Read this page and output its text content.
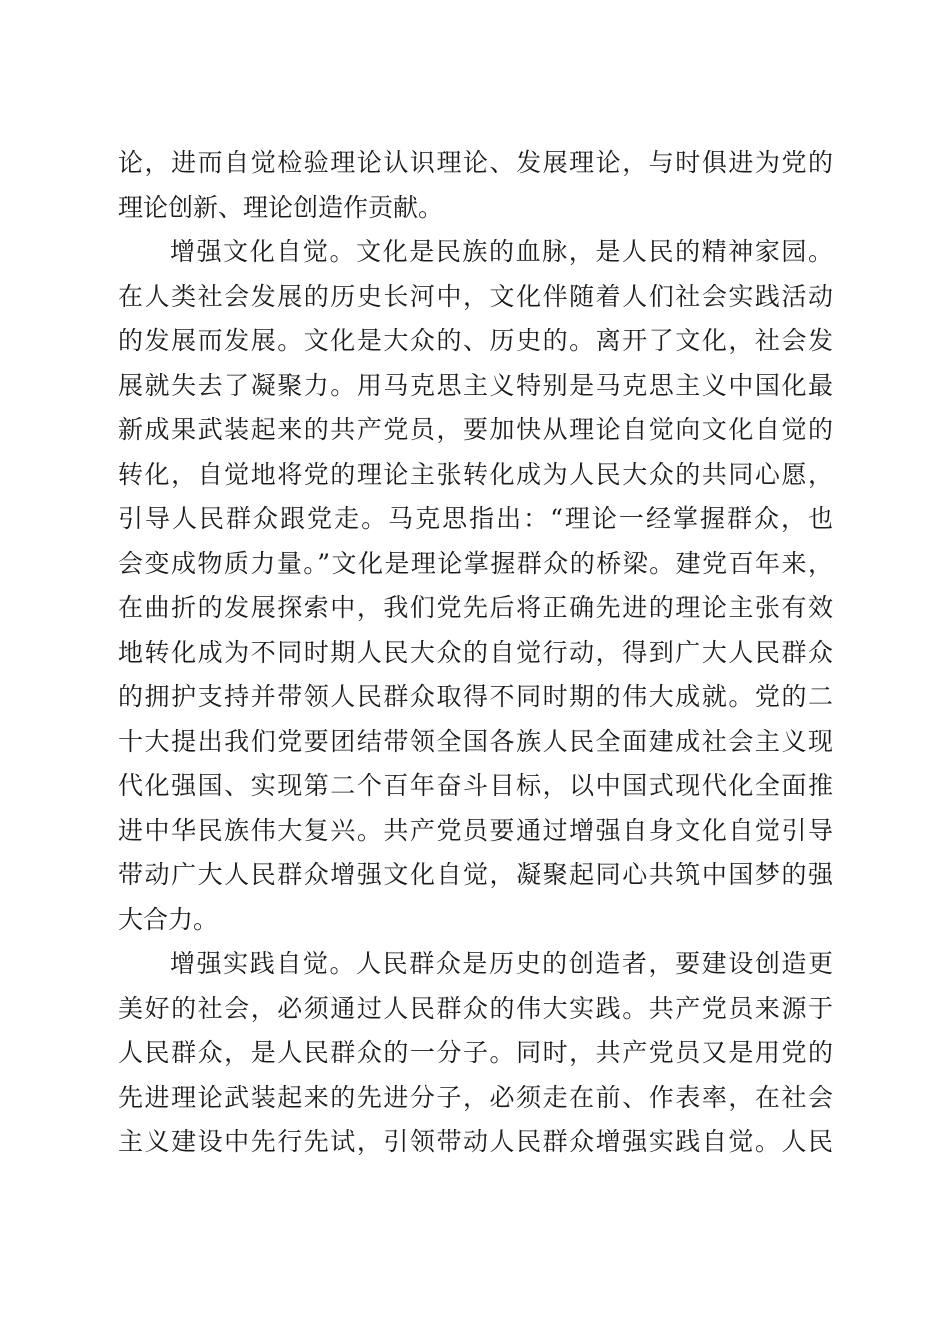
论，进而自觉检验理论认识理论、发展理论，与时俱进为党的
理论创新、理论创造作贡献。
增强文化自觉。文化是民族的血脉，是人民的精神家园。
在人类社会发展的历史长河中，文化伴随着人们社会实践活动
的发展而发展。文化是大众的、历史的。离开了文化，社会发
展就失去了凝聚力。用马克思主义特别是马克思主义中国化最
新成果武装起来的共产党员，要加快从理论自觉向文化自觉的
转化，自觉地将党的理论主张转化成为人民大众的共同心愿，
引导人民群众跟党走。马克思指出：“理论一经掌握群众，也
会变成物质力量。”文化是理论掌握群众的桥梁。建党百年来，
在曲折的发展探索中，我们党先后将正确先进的理论主张有效
地转化成为不同时期人民大众的自觉行动，得到广大人民群众
的拥护支持并带领人民群众取得不同时期的伟大成就。党的二
十大提出我们党要团结带领全国各族人民全面建成社会主义现
代化强国、实现第二个百年奋斗目标，以中国式现代化全面推
进中华民族伟大复兴。共产党员要通过增强自身文化自觉引导
带动广大人民群众增强文化自觉，凝聚起同心共筑中国梦的强
大合力。
增强实践自觉。人民群众是历史的创造者，要建设创造更
美好的社会，必须通过人民群众的伟大实践。共产党员来源于
人民群众，是人民群众的一分子。同时，共产党员又是用党的
先进理论武装起来的先进分子，必须走在前、作表率，在社会
主义建设中先行先试，引领带动人民群众增强实践自觉。人民
